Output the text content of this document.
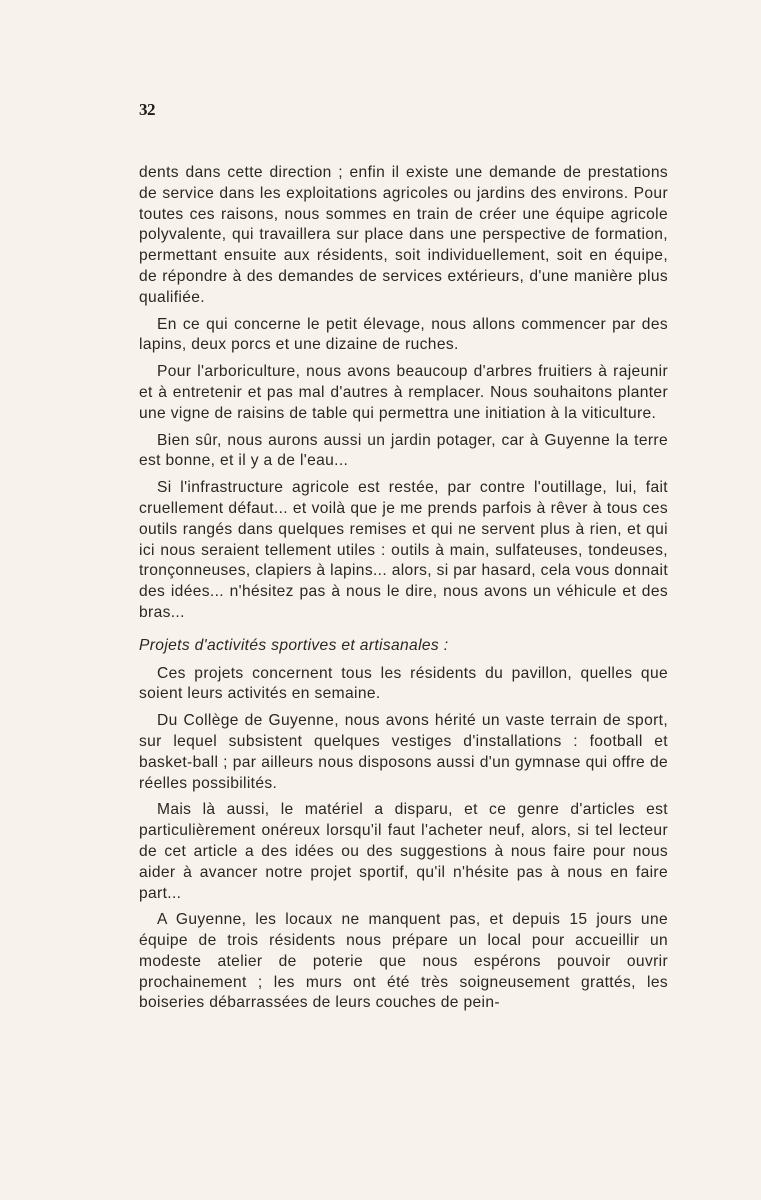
32

dents dans cette direction ; enfin il existe une demande de prestations de service dans les exploitations agricoles ou jardins des environs. Pour toutes ces raisons, nous sommes en train de créer une équipe agricole polyvalente, qui travaillera sur place dans une perspective de formation, permettant ensuite aux résidents, soit individuellement, soit en équipe, de répondre à des demandes de services extérieurs, d'une manière plus qualifiée.

En ce qui concerne le petit élevage, nous allons commencer par des lapins, deux porcs et une dizaine de ruches.

Pour l'arboriculture, nous avons beaucoup d'arbres fruitiers à rajeunir et à entretenir et pas mal d'autres à remplacer. Nous souhaitons planter une vigne de raisins de table qui permettra une initiation à la viticulture.

Bien sûr, nous aurons aussi un jardin potager, car à Guyenne la terre est bonne, et il y a de l'eau...

Si l'infrastructure agricole est restée, par contre l'outillage, lui, fait cruellement défaut... et voilà que je me prends parfois à rêver à tous ces outils rangés dans quelques remises et qui ne servent plus à rien, et qui ici nous seraient tellement utiles : outils à main, sulfateuses, tondeuses, tronçonneuses, clapiers à lapins... alors, si par hasard, cela vous donnait des idées... n'hésitez pas à nous le dire, nous avons un véhicule et des bras...

Projets d'activités sportives et artisanales :

Ces projets concernent tous les résidents du pavillon, quelles que soient leurs activités en semaine.

Du Collège de Guyenne, nous avons hérité un vaste terrain de sport, sur lequel subsistent quelques vestiges d'installations : football et basket-ball ; par ailleurs nous disposons aussi d'un gymnase qui offre de réelles possibilités.

Mais là aussi, le matériel a disparu, et ce genre d'articles est particulièrement onéreux lorsqu'il faut l'acheter neuf, alors, si tel lecteur de cet article a des idées ou des suggestions à nous faire pour nous aider à avancer notre projet sportif, qu'il n'hésite pas à nous en faire part...

A Guyenne, les locaux ne manquent pas, et depuis 15 jours une équipe de trois résidents nous prépare un local pour accueillir un modeste atelier de poterie que nous espérons pouvoir ouvrir prochainement ; les murs ont été très soigneusement grattés, les boiseries débarrassées de leurs couches de pein-
